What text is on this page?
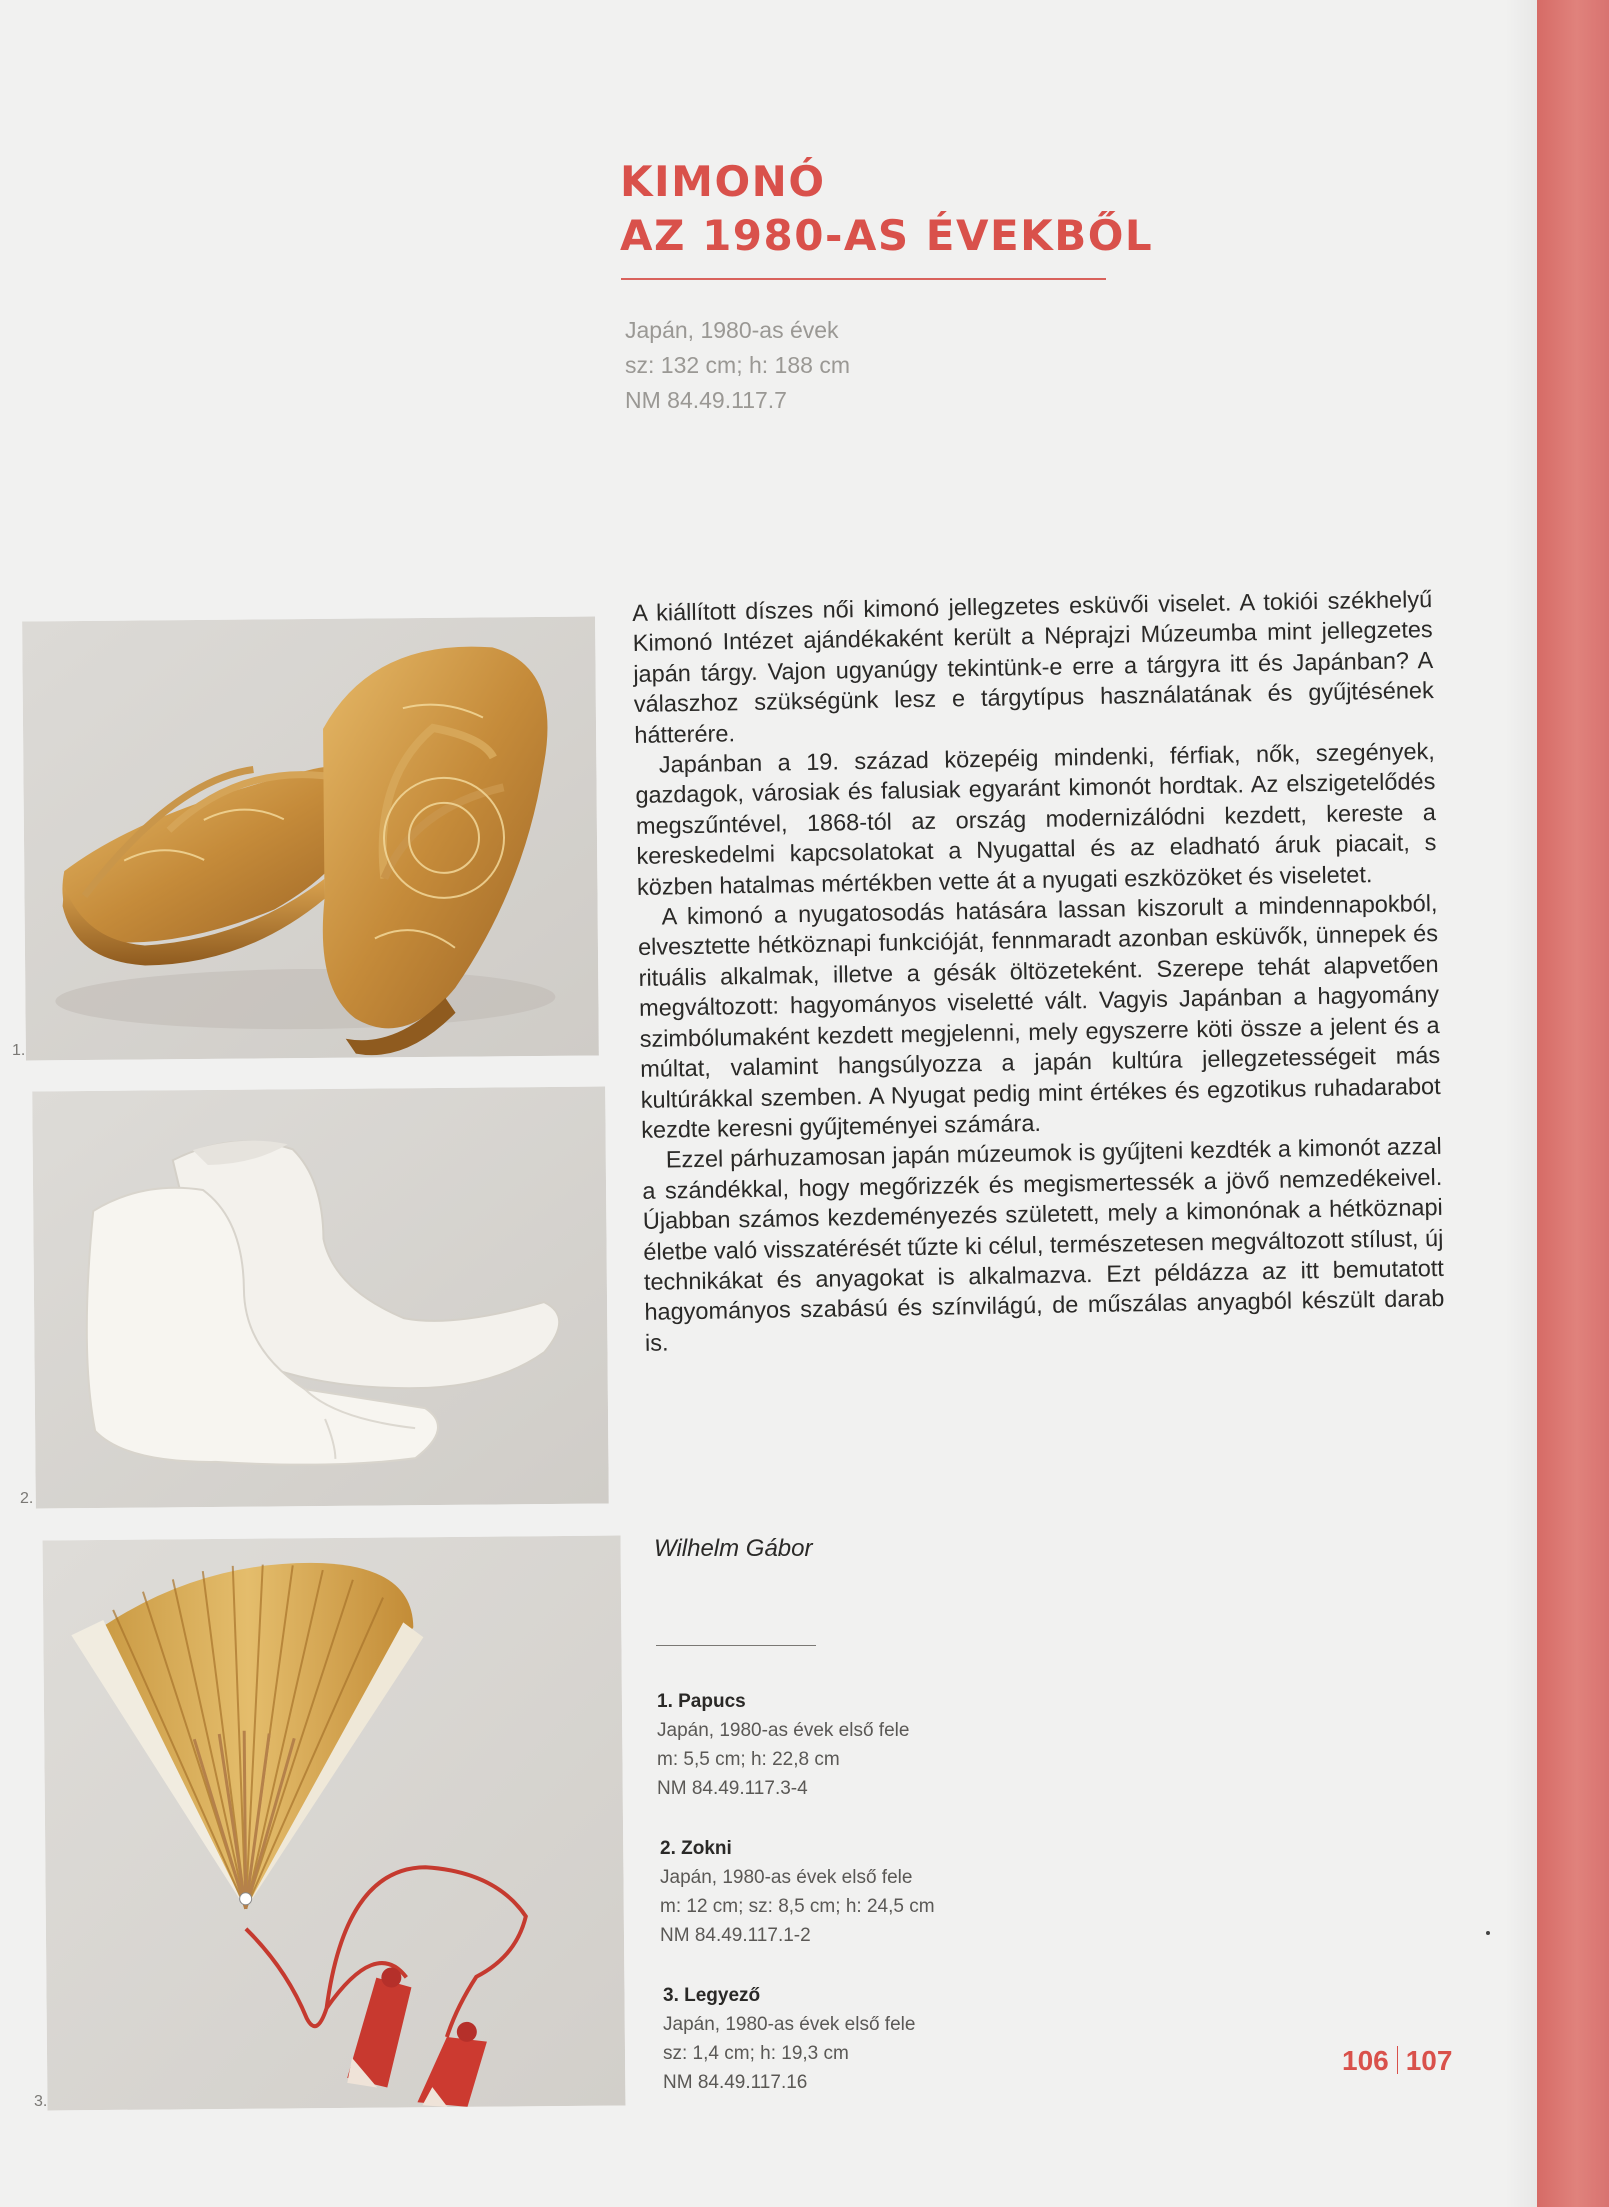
KIMONÓ
AZ 1980-AS ÉVEKBŐL
Japán, 1980-as évek
sz: 132 cm; h: 188 cm
NM 84.49.117.7
1.
2.
3.

A kiállított díszes női kimonó jellegzetes esküvői viselet. A tokiói székhelyű Kimonó Intézet ajándékaként került a Néprajzi Múzeumba mint jellegzetes japán tárgy. Vajon ugyanúgy tekintünk-e erre a tárgyra itt és Japánban? A válaszhoz szükségünk lesz e tárgytípus használatának és gyűjtésének hátterére.

Japánban a 19. század közepéig mindenki, férfiak, nők, szegények, gazdagok, városiak és falusiak egyaránt kimonót hordtak. Az elszigetelődés megszűntével, 1868-tól az ország modernizálódni kezdett, kereste a kereskedelmi kapcsolatokat a Nyugattal és az eladható áruk piacait, s közben hatalmas mértékben vette át a nyugati eszközöket és viseletet.

A kimonó a nyugatosodás hatására lassan kiszorult a mindennapokból, elvesztette hétköznapi funkcióját, fennmaradt azonban esküvők, ünnepek és rituális alkalmak, illetve a gésák öltözeteként. Szerepe tehát alapvetően megváltozott: hagyományos viseletté vált. Vagyis Japánban a hagyomány szimbólumaként kezdett megjelenni, mely egyszerre köti össze a jelent és a múltat, valamint hangsúlyozza a japán kultúra jellegzetességeit más kultúrákkal szemben. A Nyugat pedig mint értékes és egzotikus ruhadarabot kezdte keresni gyűjteményei számára.

Ezzel párhuzamosan japán múzeumok is gyűjteni kezdték a kimonót azzal a szándékkal, hogy megőrizzék és megismertessék a jövő nemzedékeivel. Újabban számos kezdeményezés született, mely a kimonónak a hétköznapi életbe való visszatérését tűzte ki célul, természetesen megváltozott stílust, új technikákat és anyagokat is alkalmazva. Ezt példázza az itt bemutatott hagyományos szabású és színvilágú, de műszálas anyagból készült darab is.

Wilhelm Gábor
1. Papucs
Japán, 1980-as évek első fele
m: 5,5 cm; h: 22,8 cm
NM 84.49.117.3-4
2. Zokni
Japán, 1980-as évek első fele
m: 12 cm; sz: 8,5 cm; h: 24,5 cm
NM 84.49.117.1-2
3. Legyező
Japán, 1980-as évek első fele
sz: 1,4 cm; h: 19,3 cm
NM 84.49.117.16
106 107
